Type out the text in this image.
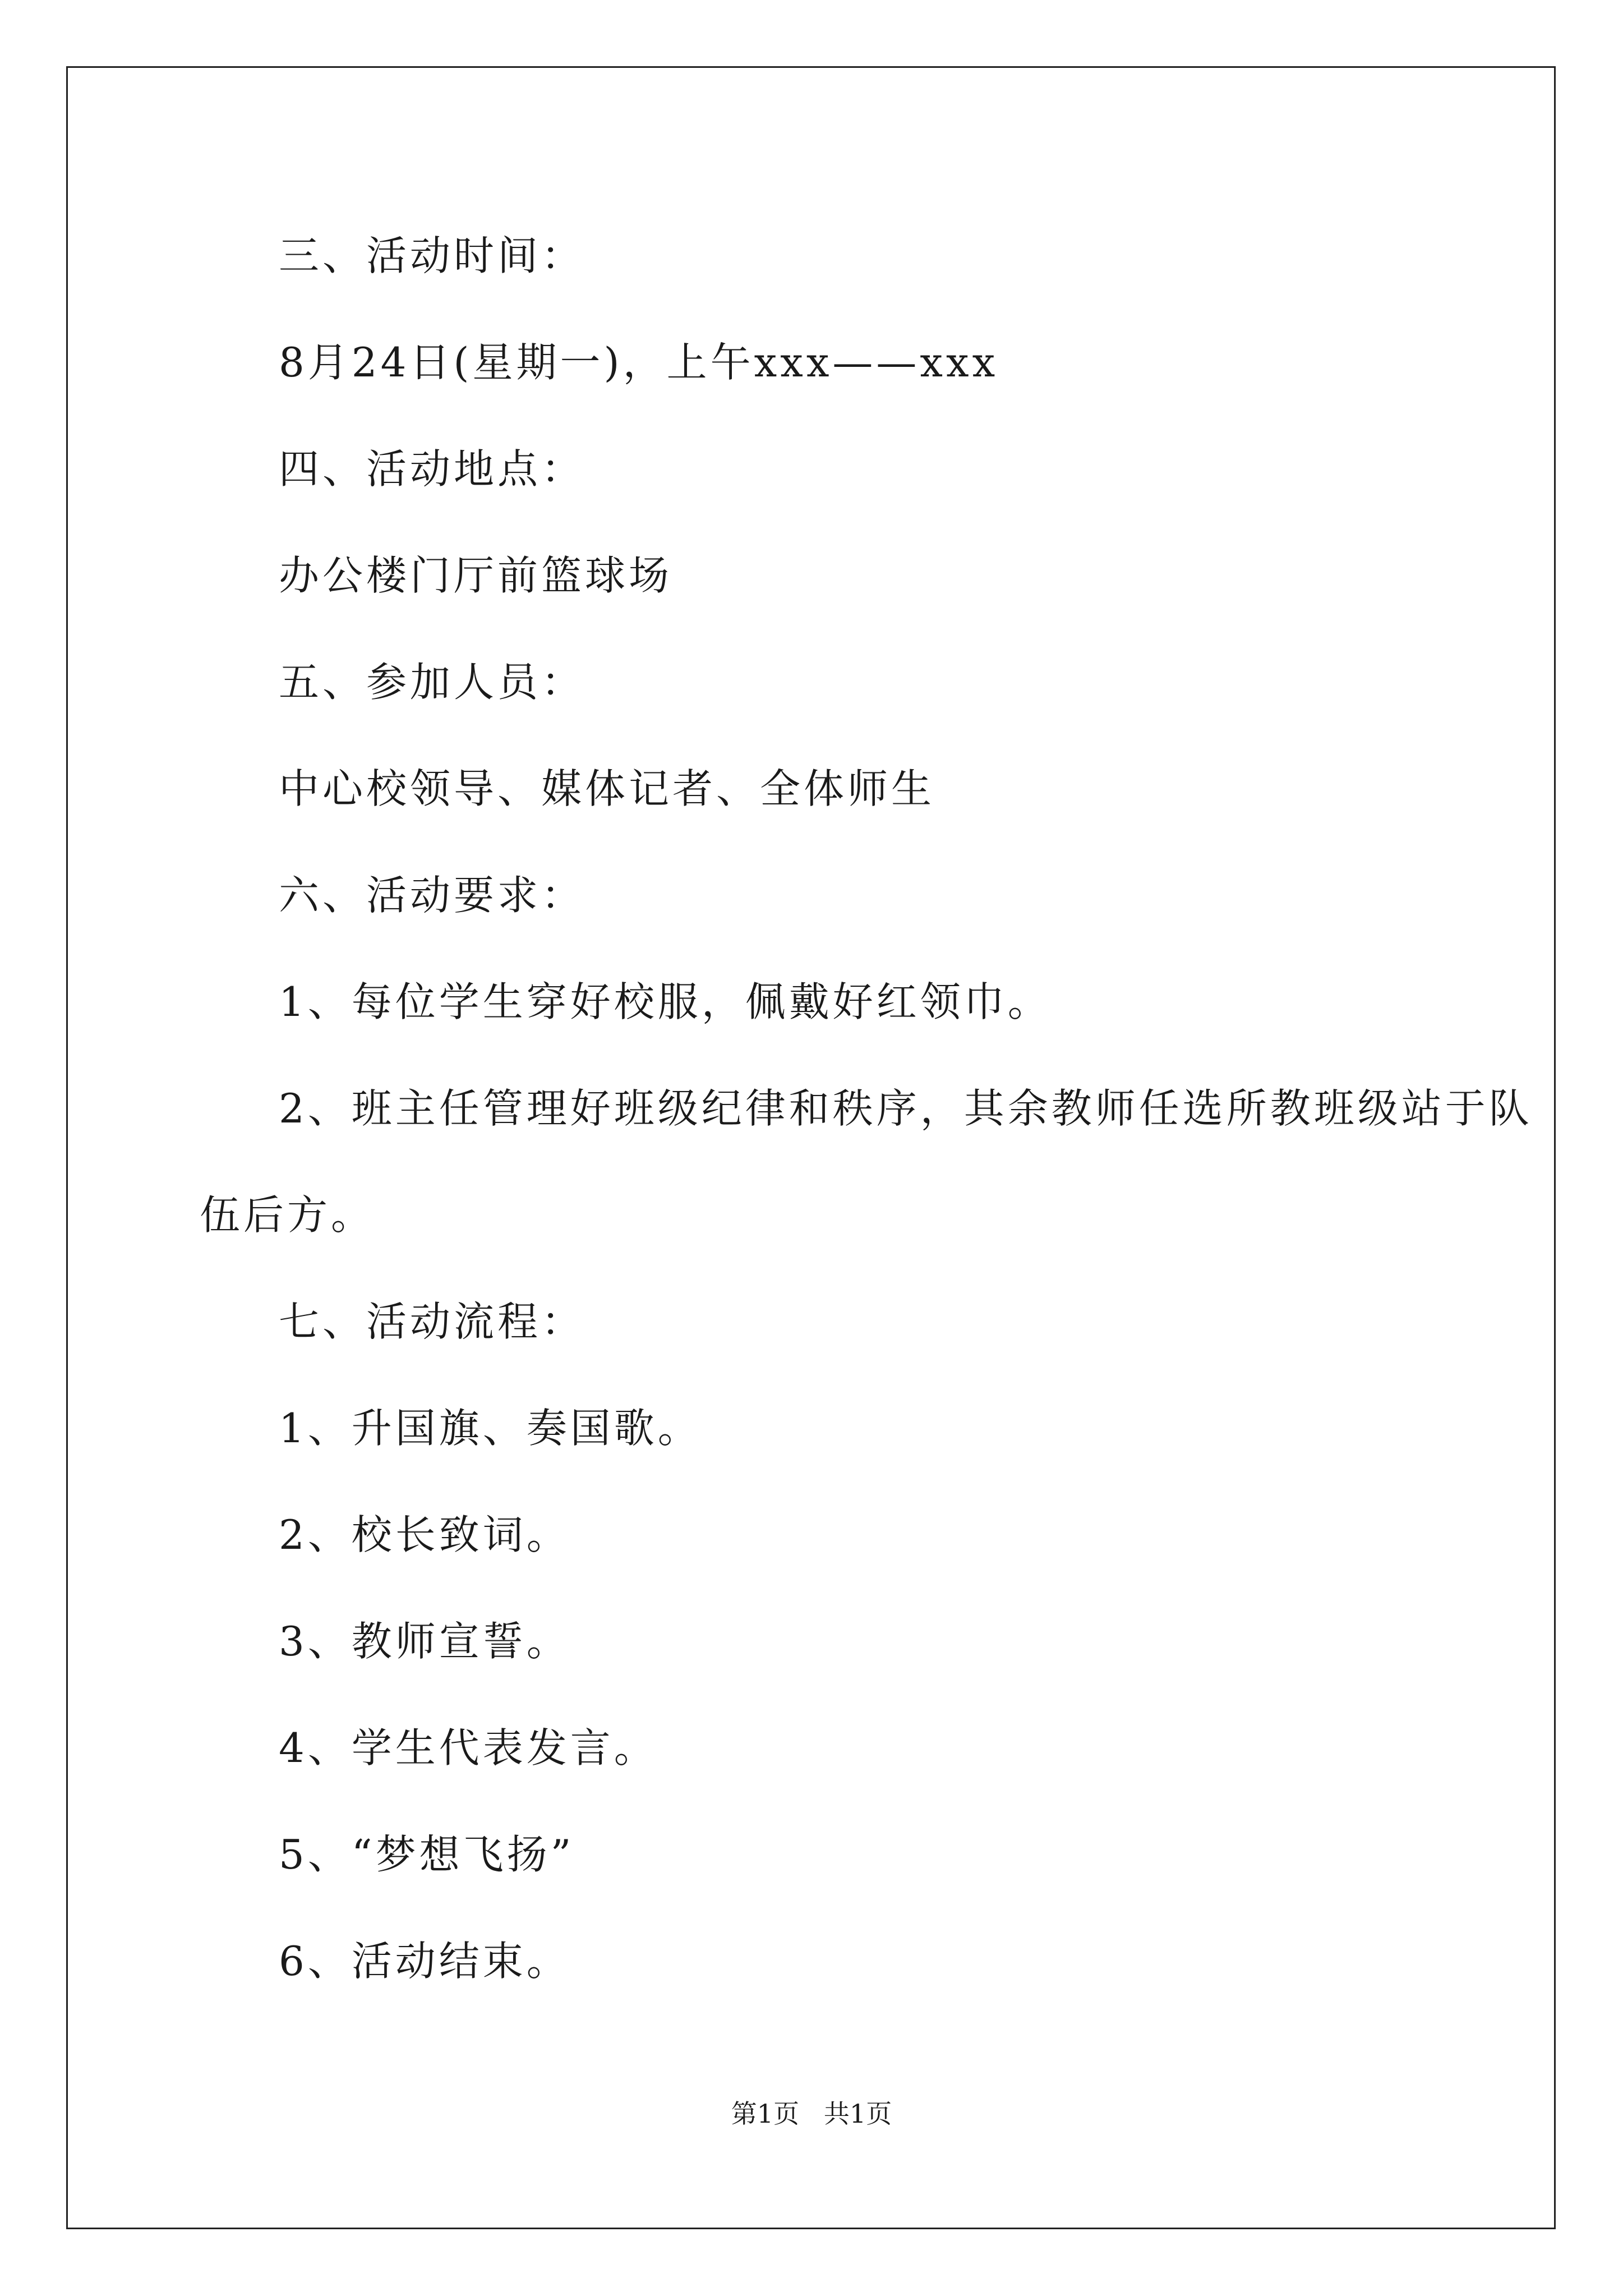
三、活动时间：
8月24日(星期一)，上午xxx——xxx
四、活动地点：
办公楼门厅前篮球场
五、参加人员：
中心校领导、媒体记者、全体师生
六、活动要求：
1、每位学生穿好校服，佩戴好红领巾。
2、班主任管理好班级纪律和秩序，其余教师任选所教班级站于队
伍后方。
七、活动流程：
1、升国旗、奏国歌。
2、校长致词。
3、教师宣誓。
4、学生代表发言。
5、“梦想飞扬”
6、活动结束。
第1页   共1页
